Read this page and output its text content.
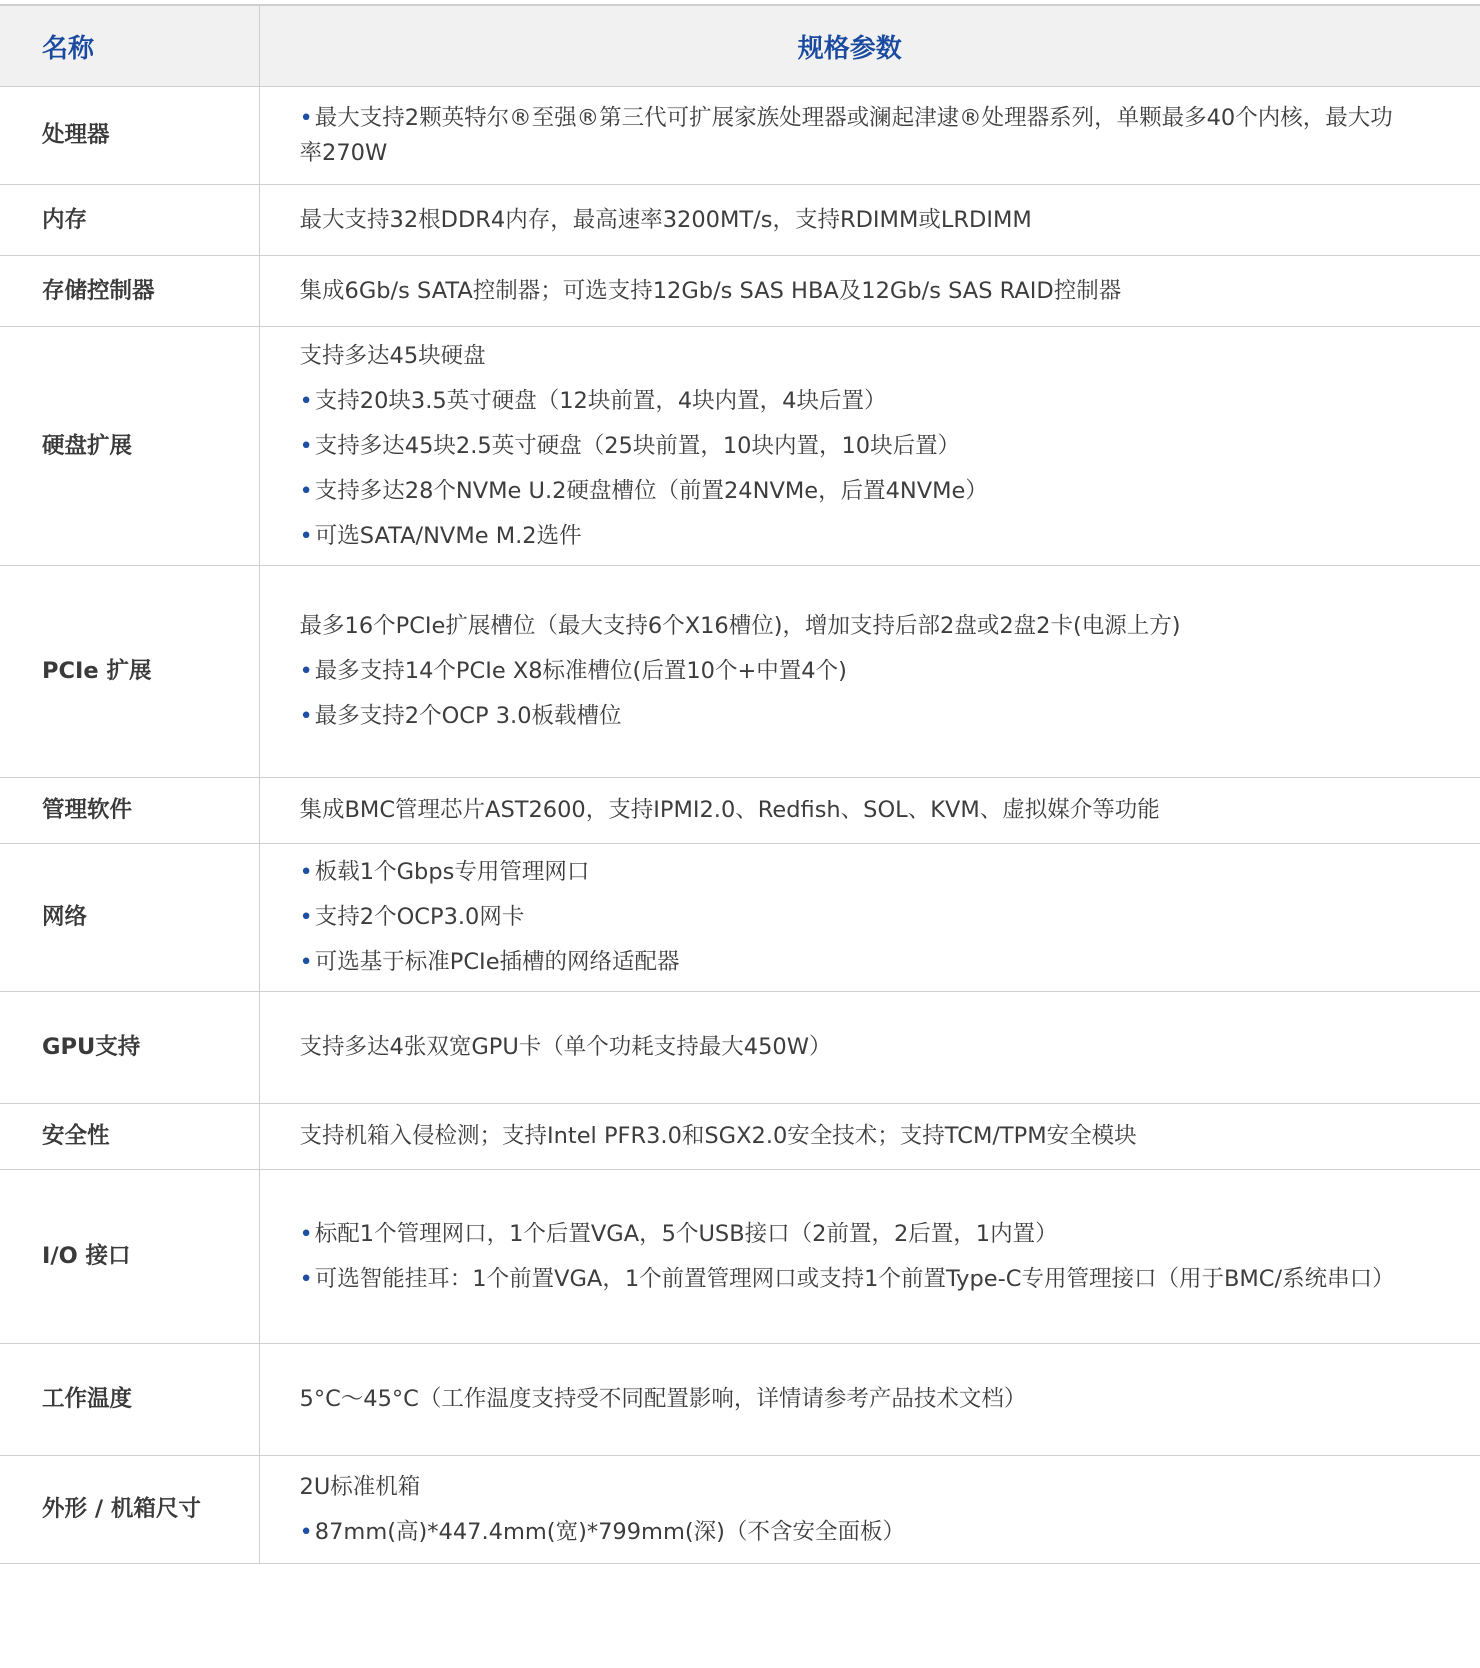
名称	规格参数
处理器	•最大支持2颗英特尔®至强®第三代可扩展家族处理器或澜起津逮®处理器系列，单颗最多40个内核，最大功率270W

内存	最大支持32根DDR4内存，最高速率3200MT/s，支持RDIMM或LRDIMM

存储控制器	集成6Gb/s SATA控制器；可选支持12Gb/s SAS HBA及12Gb/s SAS RAID控制器

硬盘扩展	支持多达45块硬盘
•支持20块3.5英寸硬盘（12块前置，4块内置，4块后置）
•支持多达45块2.5英寸硬盘（25块前置，10块内置，10块后置）
•支持多达28个NVMe U.2硬盘槽位（前置24NVMe，后置4NVMe）
•可选SATA/NVMe M.2选件

PCIe 扩展	最多16个PCIe扩展槽位（最大支持6个X16槽位)，增加支持后部2盘或2盘2卡(电源上方)
•最多支持14个PCIe X8标准槽位(后置10个+中置4个)
•最多支持2个OCP 3.0板载槽位

管理软件	集成BMC管理芯片AST2600，支持IPMI2.0、Redfish、SOL、KVM、虚拟媒介等功能

网络	•板载1个Gbps专用管理网口
•支持2个OCP3.0网卡
•可选基于标准PCIe插槽的网络适配器

GPU支持	支持多达4张双宽GPU卡（单个功耗支持最大450W）

安全性	支持机箱入侵检测；支持Intel PFR3.0和SGX2.0安全技术；支持TCM/TPM安全模块

I/O 接口	•标配1个管理网口，1个后置VGA，5个USB接口（2前置，2后置，1内置）
•可选智能挂耳：1个前置VGA，1个前置管理网口或支持1个前置Type-C专用管理接口（用于BMC/系统串口）

工作温度	5°C～45°C（工作温度支持受不同配置影响，详情请参考产品技术文档）

外形 / 机箱尺寸	2U标准机箱
•87mm(高)*447.4mm(宽)*799mm(深)（不含安全面板）
